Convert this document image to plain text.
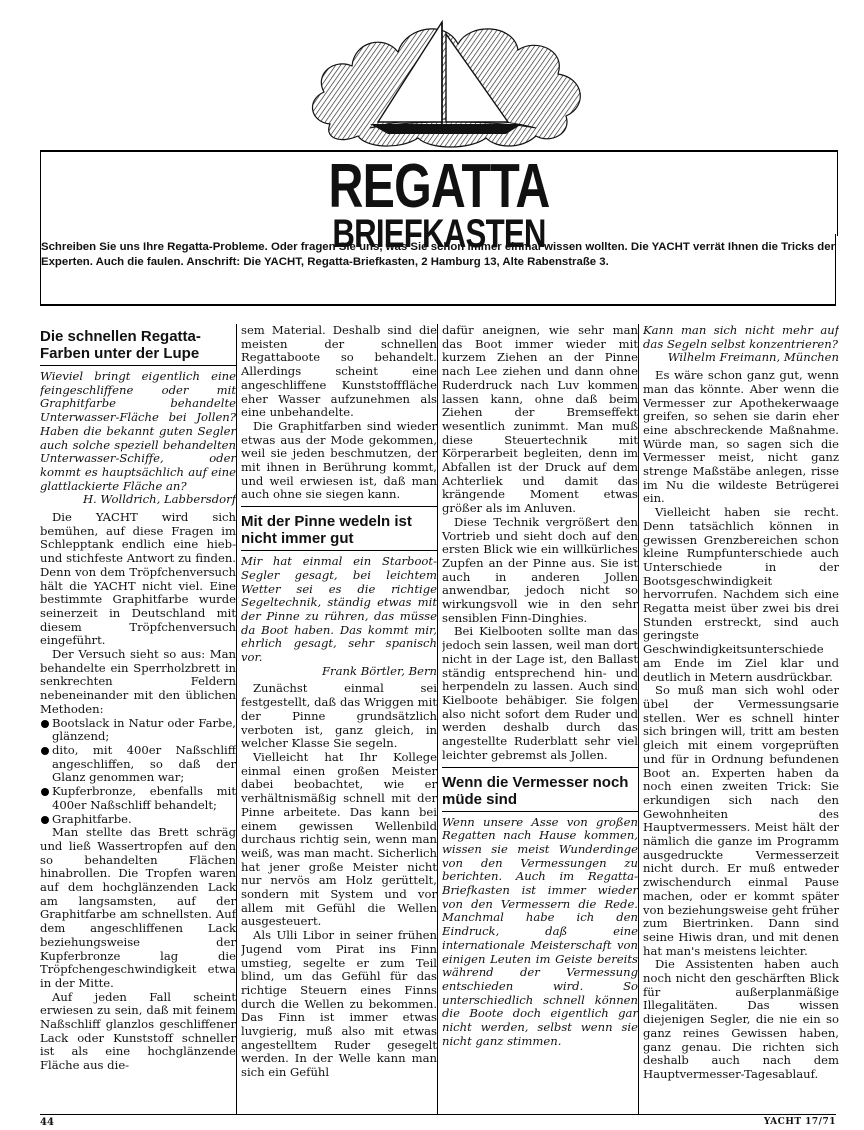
REGATTA
BRIEFKASTEN

Schreiben Sie uns Ihre Regatta-Probleme. Oder fragen Sie uns, was Sie schon immer einmal wissen wollten. Die YACHT verrät Ihnen die Tricks der Experten. Auch die faulen. Anschrift: Die YACHT, Regatta-Briefkasten, 2 Hamburg 13, Alte Rabenstraße 3.

Die schnellen Regatta-Farben unter der Lupe

Wieviel bringt eigentlich eine feingeschliffene oder mit Graphitfarbe behandelte Unterwasser-Fläche bei Jollen? Haben die bekannt guten Segler auch solche speziell behandelten Unterwasser-Schiffe, oder kommt es hauptsächlich auf eine glattlackierte Fläche an?

H. Wolldrich, Labbersdorf

Die YACHT wird sich bemühen, auf diese Fragen im Schlepptank endlich eine hieb- und stichfeste Antwort zu finden. Denn von dem Tröpfchenversuch hält die YACHT nicht viel. Eine bestimmte Graphitfarbe wurde seinerzeit in Deutschland mit diesem Tröpfchenversuch eingeführt.

Der Versuch sieht so aus: Man behandelte ein Sperrholzbrett in senkrechten Feldern nebeneinander mit den üblichen Methoden:

Bootslack in Natur oder Farbe, glänzend;

dito, mit 400er Naßschliff angeschliffen, so daß der Glanz genommen war;

Kupferbronze, ebenfalls mit 400er Naßschliff behandelt;

Graphitfarbe.

Man stellte das Brett schräg und ließ Wassertropfen auf den so behandelten Flächen hinabrollen. Die Tropfen waren auf dem hochglänzenden Lack am langsamsten, auf der Graphitfarbe am schnellsten. Auf dem angeschliffenen Lack beziehungsweise der Kupferbronze lag die Tröpfchengeschwindigkeit etwa in der Mitte.

Auf jeden Fall scheint erwiesen zu sein, daß mit feinem Naßschliff glanzlos geschliffener Lack oder Kunststoff schneller ist als eine hochglänzende Fläche aus die-

sem Material. Deshalb sind die meisten der schnellen Regattaboote so behandelt. Allerdings scheint eine angeschliffene Kunststofffläche eher Wasser aufzunehmen als eine unbehandelte.

Die Graphitfarben sind wieder etwas aus der Mode gekommen, weil sie jeden beschmutzen, der mit ihnen in Berührung kommt, und weil erwiesen ist, daß man auch ohne sie siegen kann.

Mit der Pinne wedeln ist nicht immer gut

Mir hat einmal ein Starboot-Segler gesagt, bei leichtem Wetter sei es die richtige Segeltechnik, ständig etwas mit der Pinne zu rühren, das müsse da Boot haben. Das kommt mir, ehrlich gesagt, sehr spanisch vor.

Frank Börtler, Bern

Zunächst einmal sei festgestellt, daß das Wriggen mit der Pinne grundsätzlich verboten ist, ganz gleich, in welcher Klasse Sie segeln.

Vielleicht hat Ihr Kollege einmal einen großen Meister dabei beobachtet, wie er verhältnismäßig schnell mit der Pinne arbeitete. Das kann bei einem gewissen Wellenbild durchaus richtig sein, wenn man weiß, was man macht. Sicherlich hat jener große Meister nicht nur nervös am Holz gerüttelt, sondern mit System und vor allem mit Gefühl die Wellen ausgesteuert.

Als Ulli Libor in seiner frühen Jugend vom Pirat ins Finn umstieg, segelte er zum Teil blind, um das Gefühl für das richtige Steuern eines Finns durch die Wellen zu bekommen. Das Finn ist immer etwas luvgierig, muß also mit etwas angestelltem Ruder gesegelt werden. In der Welle kann man sich ein Gefühl

dafür aneignen, wie sehr man das Boot immer wieder mit kurzem Ziehen an der Pinne nach Lee ziehen und dann ohne Ruderdruck nach Luv kommen lassen kann, ohne daß beim Ziehen der Bremseffekt wesentlich zunimmt. Man muß diese Steuertechnik mit Körperarbeit begleiten, denn im Abfallen ist der Druck auf dem Achterliek und damit das krängende Moment etwas größer als im Anluven.

Diese Technik vergrößert den Vortrieb und sieht doch auf den ersten Blick wie ein willkürliches Zupfen an der Pinne aus. Sie ist auch in anderen Jollen anwendbar, jedoch nicht so wirkungsvoll wie in den sehr sensiblen Finn-Dinghies.

Bei Kielbooten sollte man das jedoch sein lassen, weil man dort nicht in der Lage ist, den Ballast ständig entsprechend hin- und herpendeln zu lassen. Auch sind Kielboote behäbiger. Sie folgen also nicht sofort dem Ruder und werden deshalb durch das angestellte Ruderblatt sehr viel leichter gebremst als Jollen.

Wenn die Vermesser noch müde sind

Wenn unsere Asse von großen Regatten nach Hause kommen, wissen sie meist Wunderdinge von den Vermessungen zu berichten. Auch im Regatta-Briefkasten ist immer wieder von den Vermessern die Rede. Manchmal habe ich den Eindruck, daß eine internationale Meisterschaft von einigen Leuten im Geiste bereits während der Vermessung entschieden wird. So unterschiedlich schnell können die Boote doch eigentlich gar nicht werden, selbst wenn sie nicht ganz stimmen.

Kann man sich nicht mehr auf das Segeln selbst konzentrieren?

Wilhelm Freimann, München

Es wäre schon ganz gut, wenn man das könnte. Aber wenn die Vermesser zur Apothekerwaage greifen, so sehen sie darin eher eine abschreckende Maßnahme. Würde man, so sagen sich die Vermesser meist, nicht ganz strenge Maßstäbe anlegen, risse im Nu die wildeste Betrügerei ein.

Vielleicht haben sie recht. Denn tatsächlich können in gewissen Grenzbereichen schon kleine Rumpfunterschiede auch Unterschiede in der Bootsgeschwindigkeit hervorrufen. Nachdem sich eine Regatta meist über zwei bis drei Stunden erstreckt, sind auch geringste Geschwindigkeitsunterschiede am Ende im Ziel klar und deutlich in Metern ausdrückbar.

So muß man sich wohl oder übel der Vermessungsarie stellen. Wer es schnell hinter sich bringen will, tritt am besten gleich mit einem vorgeprüften und für in Ordnung befundenen Boot an. Experten haben da noch einen zweiten Trick: Sie erkundigen sich nach den Gewohnheiten des Hauptvermessers. Meist hält der nämlich die ganze im Programm ausgedruckte Vermesserzeit nicht durch. Er muß entweder zwischendurch einmal Pause machen, oder er kommt später von beziehungsweise geht früher zum Biertrinken. Dann sind seine Hiwis dran, und mit denen hat man's meistens leichter.

Die Assistenten haben auch noch nicht den geschärften Blick für außerplanmäßige Illegalitäten. Das wissen diejenigen Segler, die nie ein so ganz reines Gewissen haben, ganz genau. Die richten sich deshalb auch nach dem Hauptvermesser-Tagesablauf.

44	YACHT 17/71
